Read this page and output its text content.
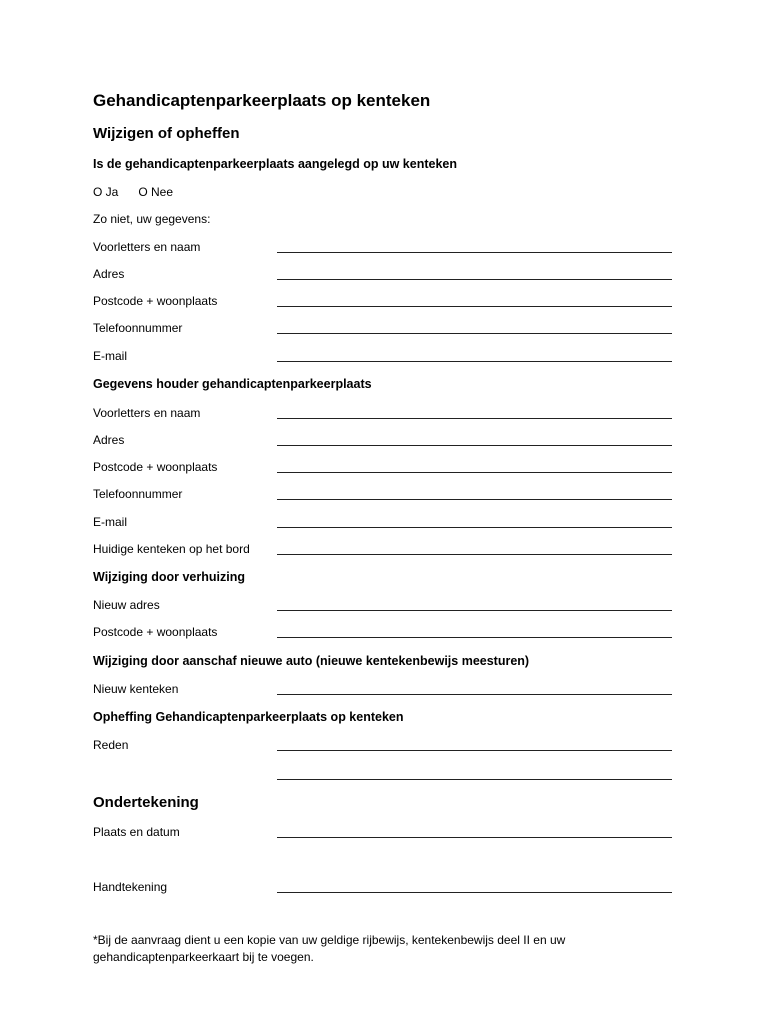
Gehandicaptenparkeerplaats op kenteken
Wijzigen of opheffen
Is de gehandicaptenparkeerplaats aangelegd op uw kenteken
O Ja O Nee
Zo niet, uw gegevens:
Voorletters en naam
Adres
Postcode + woonplaats
Telefoonnummer
E-mail
Gegevens houder gehandicaptenparkeerplaats
Voorletters en naam
Adres
Postcode + woonplaats
Telefoonnummer
E-mail
Huidige kenteken op het bord
Wijziging door verhuizing
Nieuw adres
Postcode + woonplaats
Wijziging door aanschaf nieuwe auto (nieuwe kentekenbewijs meesturen)
Nieuw kenteken
Opheffing Gehandicaptenparkeerplaats op kenteken
Reden
Ondertekening
Plaats en datum
Handtekening
*Bij de aanvraag dient u een kopie van uw geldige rijbewijs, kentekenbewijs deel II en uw gehandicaptenparkeerkaart bij te voegen.
